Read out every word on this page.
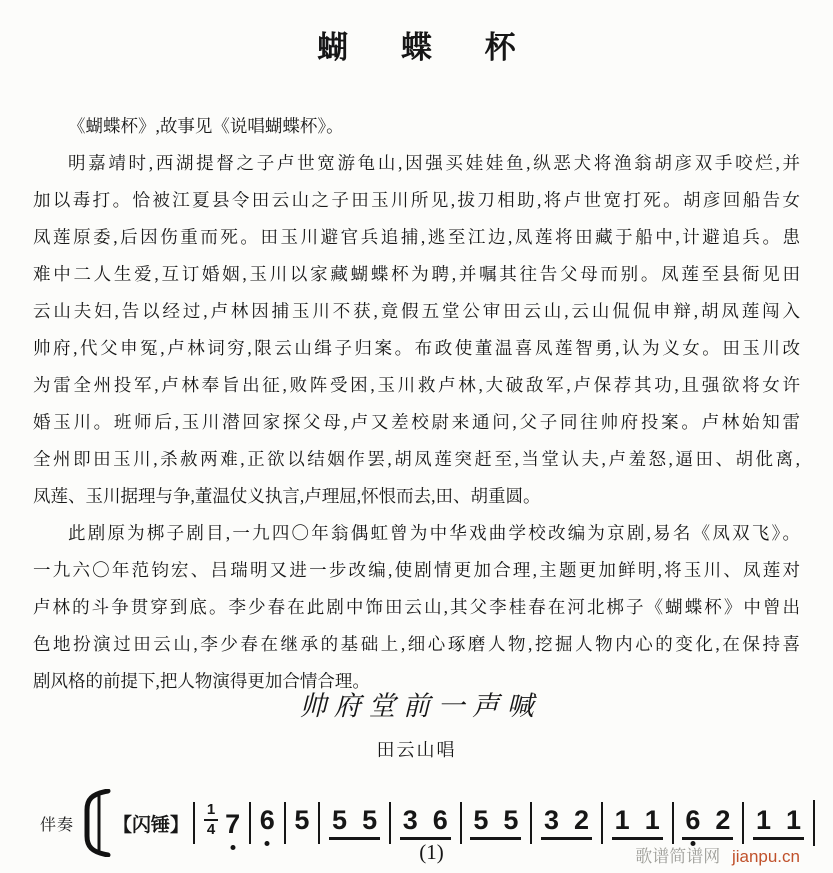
蝴蝶杯
《蝴蝶杯》,故事见《说唱蝴蝶杯》。
明嘉靖时,西湖提督之子卢世宽游龟山,因强买娃娃鱼,纵恶犬将渔翁胡彦双手咬烂,并
加以毒打。恰被江夏县令田云山之子田玉川所见,拔刀相助,将卢世宽打死。胡彦回船告女
凤莲原委,后因伤重而死。田玉川避官兵追捕,逃至江边,凤莲将田藏于船中,计避追兵。患
难中二人生爱,互订婚姻,玉川以家藏蝴蝶杯为聘,并嘱其往告父母而别。凤莲至县衙见田
云山夫妇,告以经过,卢林因捕玉川不获,竟假五堂公审田云山,云山侃侃申辩,胡凤莲闯入
帅府,代父申冤,卢林词穷,限云山缉子归案。布政使董温喜凤莲智勇,认为义女。田玉川改
为雷全州投军,卢林奉旨出征,败阵受困,玉川救卢林,大破敌军,卢保荐其功,且强欲将女许
婚玉川。班师后,玉川潜回家探父母,卢又差校尉来通问,父子同往帅府投案。卢林始知雷
全州即田玉川,杀赦两难,正欲以结姻作罢,胡凤莲突赶至,当堂认夫,卢羞怒,逼田、胡仳离,
凤莲、玉川据理与争,董温仗义执言,卢理屈,怀恨而去,田、胡重圆。
此剧原为梆子剧目,一九四〇年翁偶虹曾为中华戏曲学校改编为京剧,易名《凤双飞》。
一九六〇年范钧宏、吕瑞明又进一步改编,使剧情更加合理,主题更加鲜明,将玉川、凤莲对
卢林的斗争贯穿到底。李少春在此剧中饰田云山,其父李桂春在河北梆子《蝴蝶杯》中曾出
色地扮演过田云山,李少春在继承的基础上,细心琢磨人物,挖掘人物内心的变化,在保持喜
剧风格的前提下,把人物演得更加合情合理。
帅府堂前一声喊
田云山唱
伴奏 【闪锤】 $\frac{1}{4} 7$ 6 5 5 5 3 6 5 5 3 2 1 1 6 2 1 1
(1)	歌谱简谱网 jianpu.cn
